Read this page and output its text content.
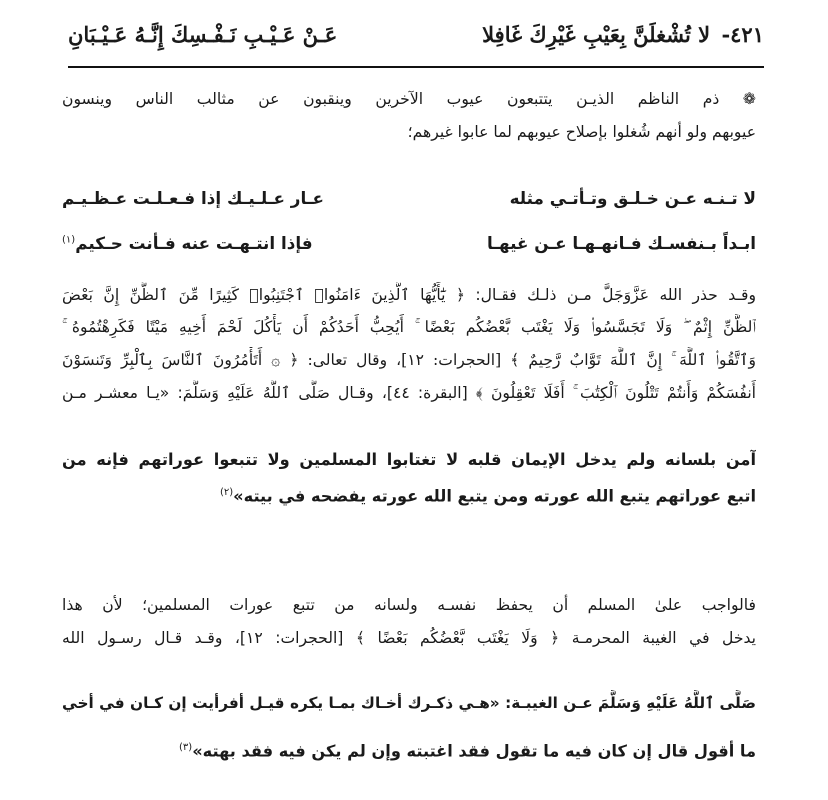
٤٢١- لا تُشْغلَنَّ بِعَيْبِ غَيْرِكَ غَافِلا
عَـنْ عَـيْـبِ نَـفْـسِكَ إِنَّـهُ عَـيْـبَانِ
❁ ذم الناظم الذيـن يتتبعون عيوب الآخرين وينقبون عن مثالب الناس وينسون
عيوبهم ولو أنهم شُغلوا بإصلاح عيوبهم لما عابوا غيرهم؛
لا تـنـه عـن خـلـق وتـأتـي مثله
عـار عـلـيـك إذا فـعـلـت عـظـيـم
ابـداً بـنفسـك فـانهـهـا عـن غيهـا
فإذا انتـهـت عنه فـأنت حـكيم$^{(١)}$
وقـد حذر الله عَزَّوَجَلَّ مـن ذلـك فقـال: ﴿ يَٰٓأَيُّهَا ٱلَّذِينَ ءَامَنُوا۟ ٱجْتَنِبُوا۟ كَثِيرًا مِّنَ ٱلظَّنِّ إِنَّ بَعْضَ
ٱلظَّنِّ إِثْمٌ ۖ وَلَا تَجَسَّسُوا۟ وَلَا يَغْتَب بَّعْضُكُم بَعْضًا ۚ أَيُحِبُّ أَحَدُكُمْ أَن يَأْكُلَ لَحْمَ أَخِيهِ مَيْتًا فَكَرِهْتُمُوهُ ۚ
وَٱتَّقُوا۟ ٱللَّهَ ۚ إِنَّ ٱللَّهَ تَوَّابٌ رَّحِيمٌ ﴾ [الحجرات: ١٢]، وقال تعالى: ﴿ ۞ أَتَأْمُرُونَ ٱلنَّاسَ بِٱلْبِرِّ وَتَنسَوْنَ
أَنفُسَكُمْ وَأَنتُمْ تَتْلُونَ ٱلْكِتَٰبَ ۚ أَفَلَا تَعْقِلُونَ ﴾ [البقرة: ٤٤]، وقـال صَلَّى ٱللَّهُ عَلَيْهِ وَسَلَّمَ: «يـا معشـر مـن
آمن بلسانه ولم يدخل الإيمان قلبه لا تغتابوا المسلمين ولا تتبعوا عوراتهم فإنه من
اتبع عوراتهم يتبع الله عورته ومن يتبع الله عورته يفضحه في بيته»$^{(٢)}$
فالواجب علىٰ المسلم أن يحفظ نفسـه ولسانه من تتبع عورات المسلمين؛ لأن هذا
يدخل في الغيبة المحرمـة ﴿ وَلَا يَغْتَب بَّعْضُكُم بَعْضًا ﴾ [الحجرات: ١٢]، وقـد قـال رسـول الله
صَلَّى ٱللَّهُ عَلَيْهِ وَسَلَّمَ عـن الغيبـة: «هـي ذكـرك أخـاك بمـا يكره قيـل أفرأيت إن كـان في أخي
ما أقول قال إن كان فيه ما تقول فقد اغتبته وإن لم يكن فيه فقد بهته»$^{(٣)}$
